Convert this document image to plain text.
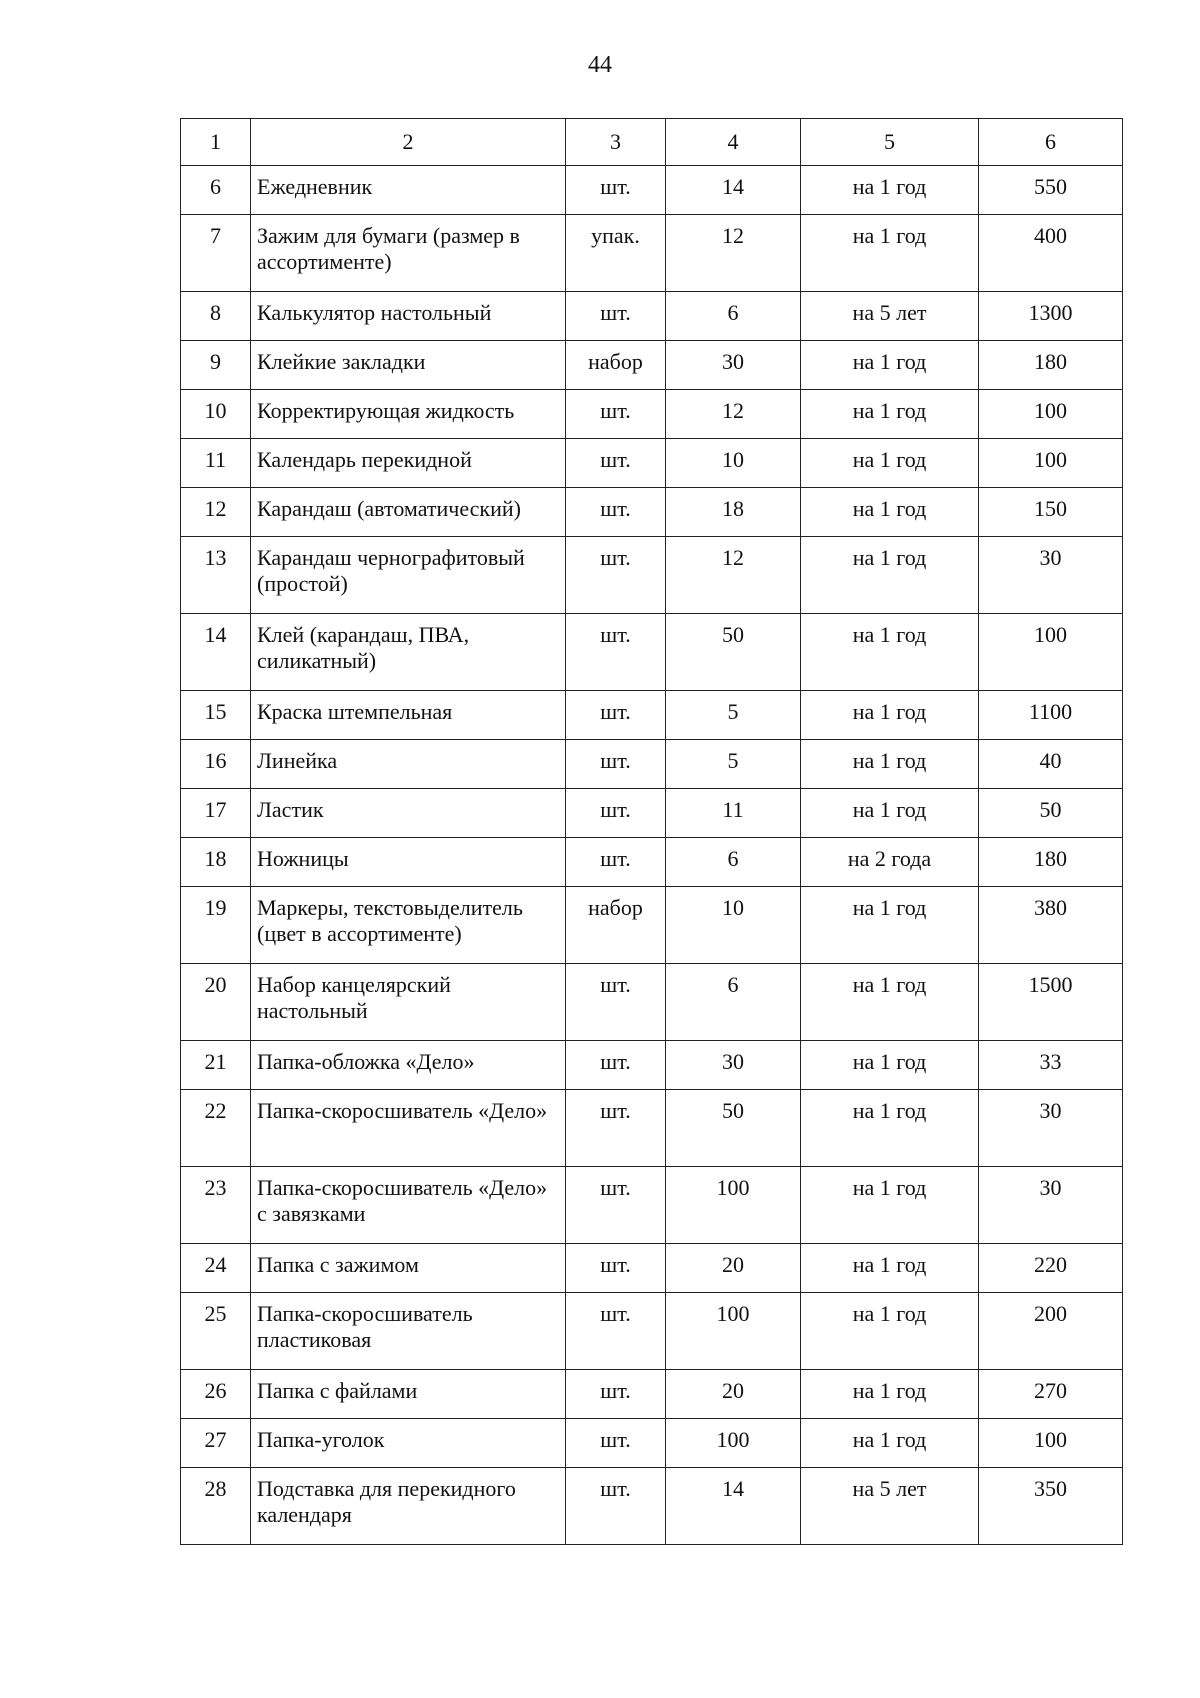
44
1	2	3	4	5	6
6	Ежедневник	шт.	14	на 1 год	550
7	Зажим для бумаги (размер в ассортименте)	упак.	12	на 1 год	400
8	Калькулятор настольный	шт.	6	на 5 лет	1300
9	Клейкие закладки	набор	30	на 1 год	180
10	Корректирующая жидкость	шт.	12	на 1 год	100
11	Календарь перекидной	шт.	10	на 1 год	100
12	Карандаш (автоматический)	шт.	18	на 1 год	150
13	Карандаш чернографитовый (простой)	шт.	12	на 1 год	30
14	Клей (карандаш, ПВА, силикатный)	шт.	50	на 1 год	100
15	Краска штемпельная	шт.	5	на 1 год	1100
16	Линейка	шт.	5	на 1 год	40
17	Ластик	шт.	11	на 1 год	50
18	Ножницы	шт.	6	на 2 года	180
19	Маркеры, текстовыделитель (цвет в ассортименте)	набор	10	на 1 год	380
20	Набор канцелярский настольный	шт.	6	на 1 год	1500
21	Папка-обложка «Дело»	шт.	30	на 1 год	33
22	Папка-скоросшиватель «Дело»	шт.	50	на 1 год	30
23	Папка-скоросшиватель «Дело» с завязками	шт.	100	на 1 год	30
24	Папка с зажимом	шт.	20	на 1 год	220
25	Папка-скоросшиватель пластиковая	шт.	100	на 1 год	200
26	Папка с файлами	шт.	20	на 1 год	270
27	Папка-уголок	шт.	100	на 1 год	100
28	Подставка для перекидного календаря	шт.	14	на 5 лет	350
